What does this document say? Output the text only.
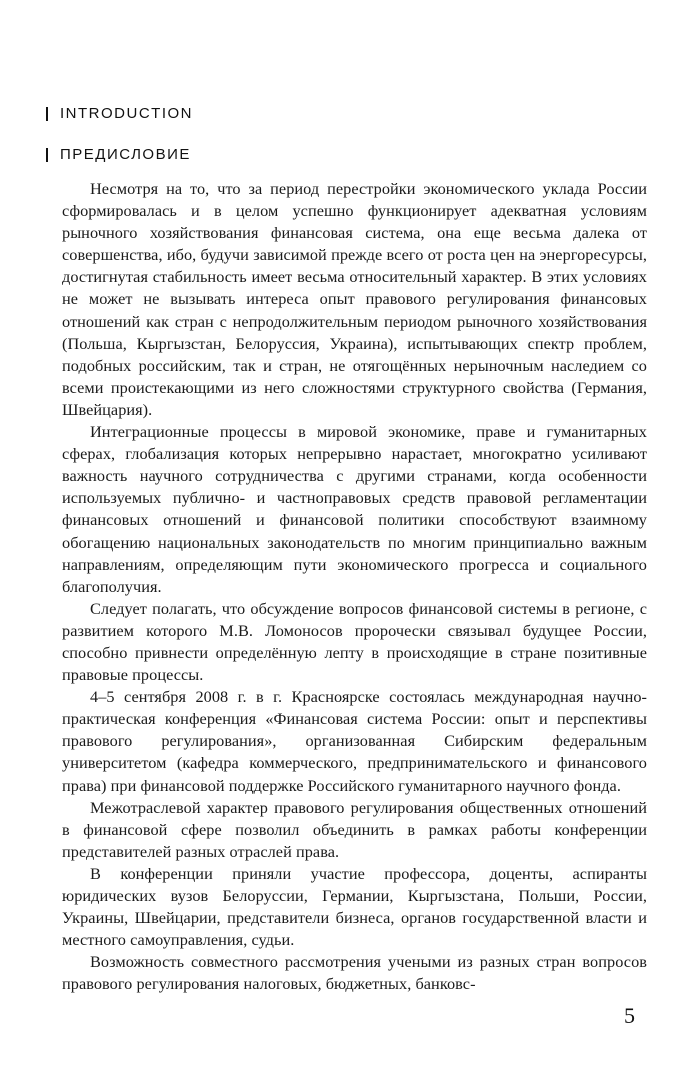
INTRODUCTION
ПРЕДИСЛОВИЕ

Несмотря на то, что за период перестройки экономического уклада России сформировалась и в целом успешно функционирует адекватная условиям рыночного хозяйствования финансовая система, она еще весьма далека от совершенства, ибо, будучи зависимой прежде всего от роста цен на энергоресурсы, достигнутая стабильность имеет весьма относительный характер. В этих условиях не может не вызывать интереса опыт правового регулирования финансовых отношений как стран с непродолжительным периодом рыночного хозяйствования (Польша, Кыргызстан, Белоруссия, Украина), испытывающих спектр проблем, подобных российским, так и стран, не отягощённых нерыночным наследием со всеми проистекающими из него сложностями структурного свойства (Германия, Швейцария).

Интеграционные процессы в мировой экономике, праве и гуманитарных сферах, глобализация которых непрерывно нарастает, многократно усиливают важность научного сотрудничества с другими странами, когда особенности используемых публично- и частноправовых средств правовой регламентации финансовых отношений и финансовой политики способствуют взаимному обогащению национальных законодательств по многим принципиально важным направлениям, определяющим пути экономического прогресса и социального благополучия.

Следует полагать, что обсуждение вопросов финансовой системы в регионе, с развитием которого М.В. Ломоносов пророчески связывал будущее России, способно привнести определённую лепту в происходящие в стране позитивные правовые процессы.

4–5 сентября 2008 г. в г. Красноярске состоялась международная научно-практическая конференция «Финансовая система России: опыт и перспективы правового регулирования», организованная Сибирским федеральным университетом (кафедра коммерческого, предпринимательского и финансового права) при финансовой поддержке Российского гуманитарного научного фонда.

Межотраслевой характер правового регулирования общественных отношений в финансовой сфере позволил объединить в рамках работы конференции представителей разных отраслей права.

В конференции приняли участие профессора, доценты, аспиранты юридических вузов Белоруссии, Германии, Кыргызстана, Польши, России, Украины, Швейцарии, представители бизнеса, органов государственной власти и местного самоуправления, судьи.

Возможность совместного рассмотрения учеными из разных стран вопросов правового регулирования налоговых, бюджетных, банковс-

5
